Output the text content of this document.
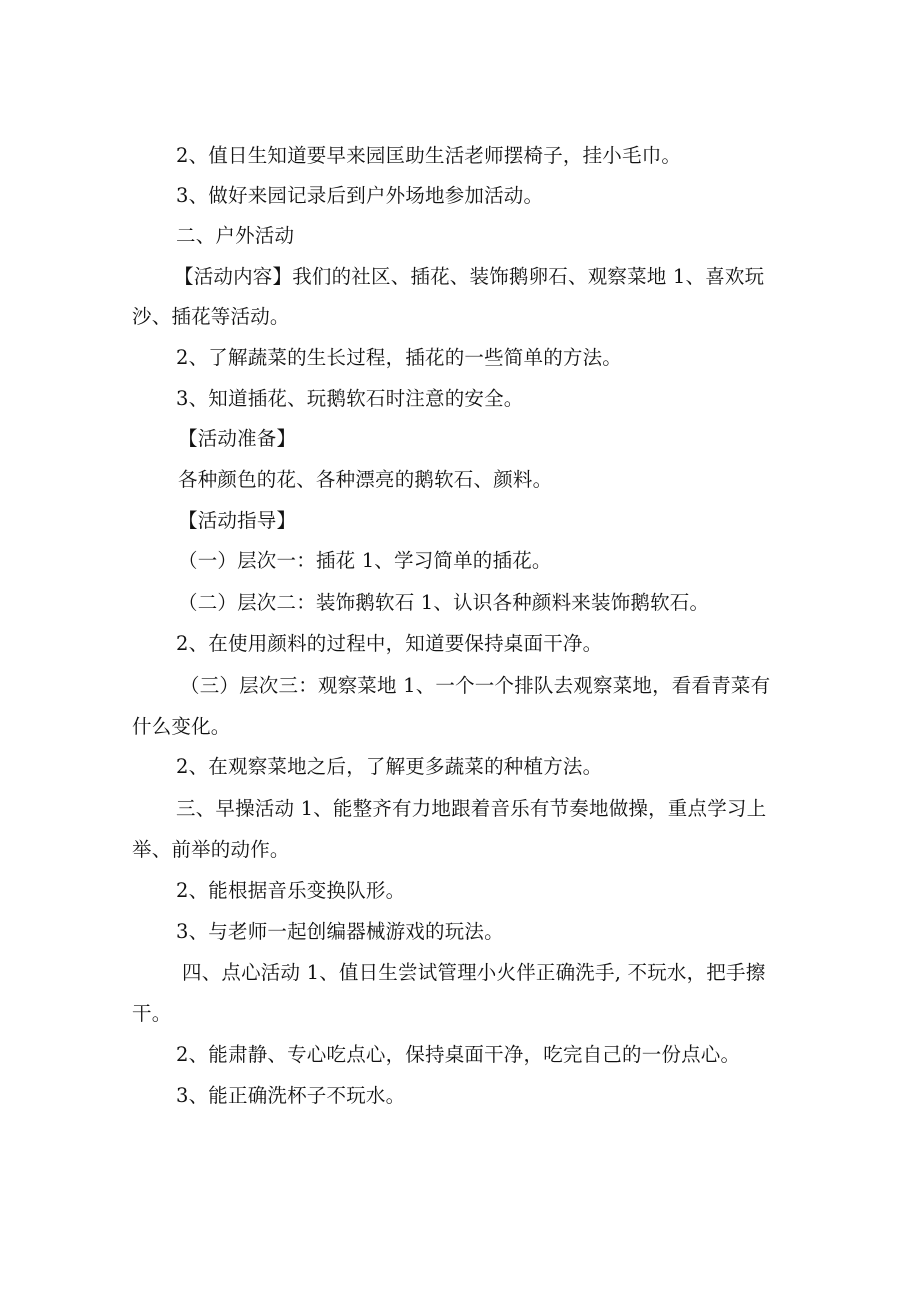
2、值日生知道要早来园匡助生活老师摆椅子，挂小毛巾。
3、做好来园记录后到户外场地参加活动。
二、户外活动
【活动内容】我们的社区、插花、装饰鹅卵石、观察菜地 1、喜欢玩
沙、插花等活动。
2、了解蔬菜的生长过程，插花的一些简单的方法。
3、知道插花、玩鹅软石时注意的安全。
【活动准备】
各种颜色的花、各种漂亮的鹅软石、颜料。
【活动指导】
（一）层次一：插花 1、学习简单的插花。
（二）层次二：装饰鹅软石 1、认识各种颜料来装饰鹅软石。
2、在使用颜料的过程中，知道要保持桌面干净。
（三）层次三：观察菜地 1、一个一个排队去观察菜地，看看青菜有
什么变化。
2、在观察菜地之后，了解更多蔬菜的种植方法。
三、早操活动 1、能整齐有力地跟着音乐有节奏地做操，重点学习上
举、前举的动作。
2、能根据音乐变换队形。
3、与老师一起创编器械游戏的玩法。
四、点心活动 1、值日生尝试管理小火伴正确洗手, 不玩水，把手擦
干。
2、能肃静、专心吃点心，保持桌面干净，吃完自己的一份点心。
3、能正确洗杯子不玩水。
